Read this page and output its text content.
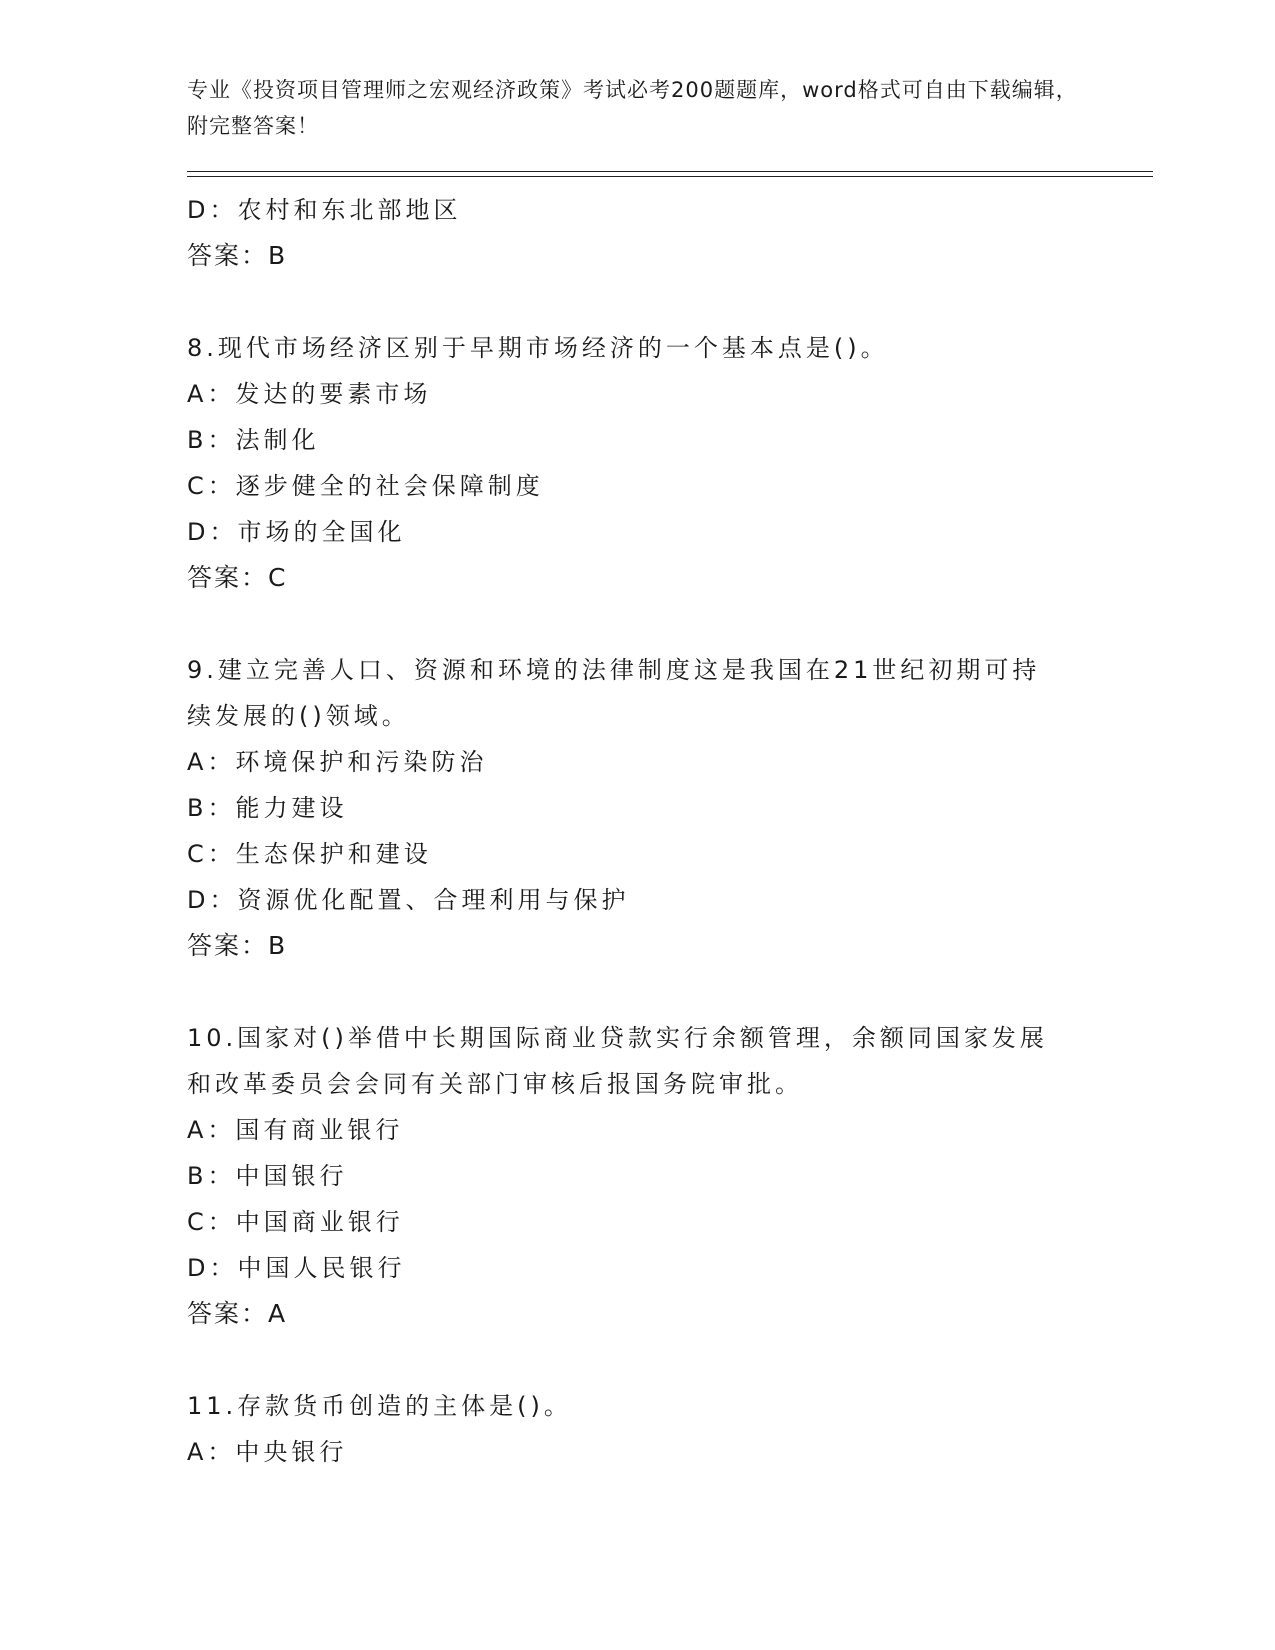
专业《投资项目管理师之宏观经济政策》考试必考200题题库，word格式可自由下载编辑，附完整答案！
D：农村和东北部地区
答案：B
8.现代市场经济区别于早期市场经济的一个基本点是()。
A：发达的要素市场
B：法制化
C：逐步健全的社会保障制度
D：市场的全国化
答案：C
9.建立完善人口、资源和环境的法律制度这是我国在21世纪初期可持续发展的()领域。
A：环境保护和污染防治
B：能力建设
C：生态保护和建设
D：资源优化配置、合理利用与保护
答案：B
10.国家对()举借中长期国际商业贷款实行余额管理，余额同国家发展和改革委员会会同有关部门审核后报国务院审批。
A：国有商业银行
B：中国银行
C：中国商业银行
D：中国人民银行
答案：A
11.存款货币创造的主体是()。
A：中央银行
